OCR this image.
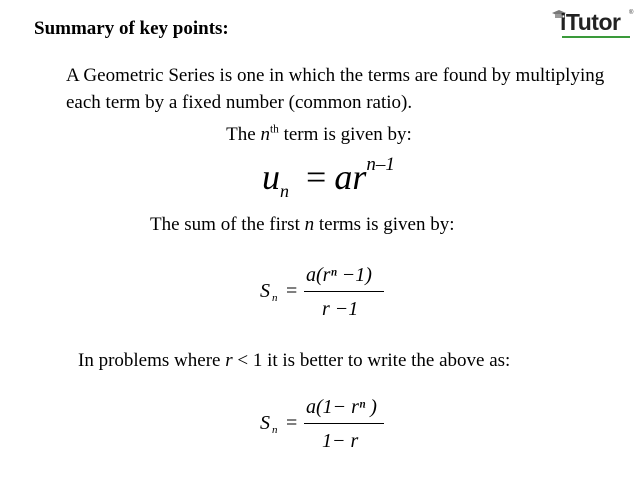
Summary of key points:	iTutor ®
A Geometric Series is one in which the terms are found by multiplying each term by a fixed number (common ratio).
The $n^{th}$ term is given by:
$u_n = ar^{n-1}$
The sum of the first n terms is given by:
S n =
a(rⁿ −1)
r −1
In problems where r < 1 it is better to write the above as:
S n =
a(1− rⁿ )
1− r
